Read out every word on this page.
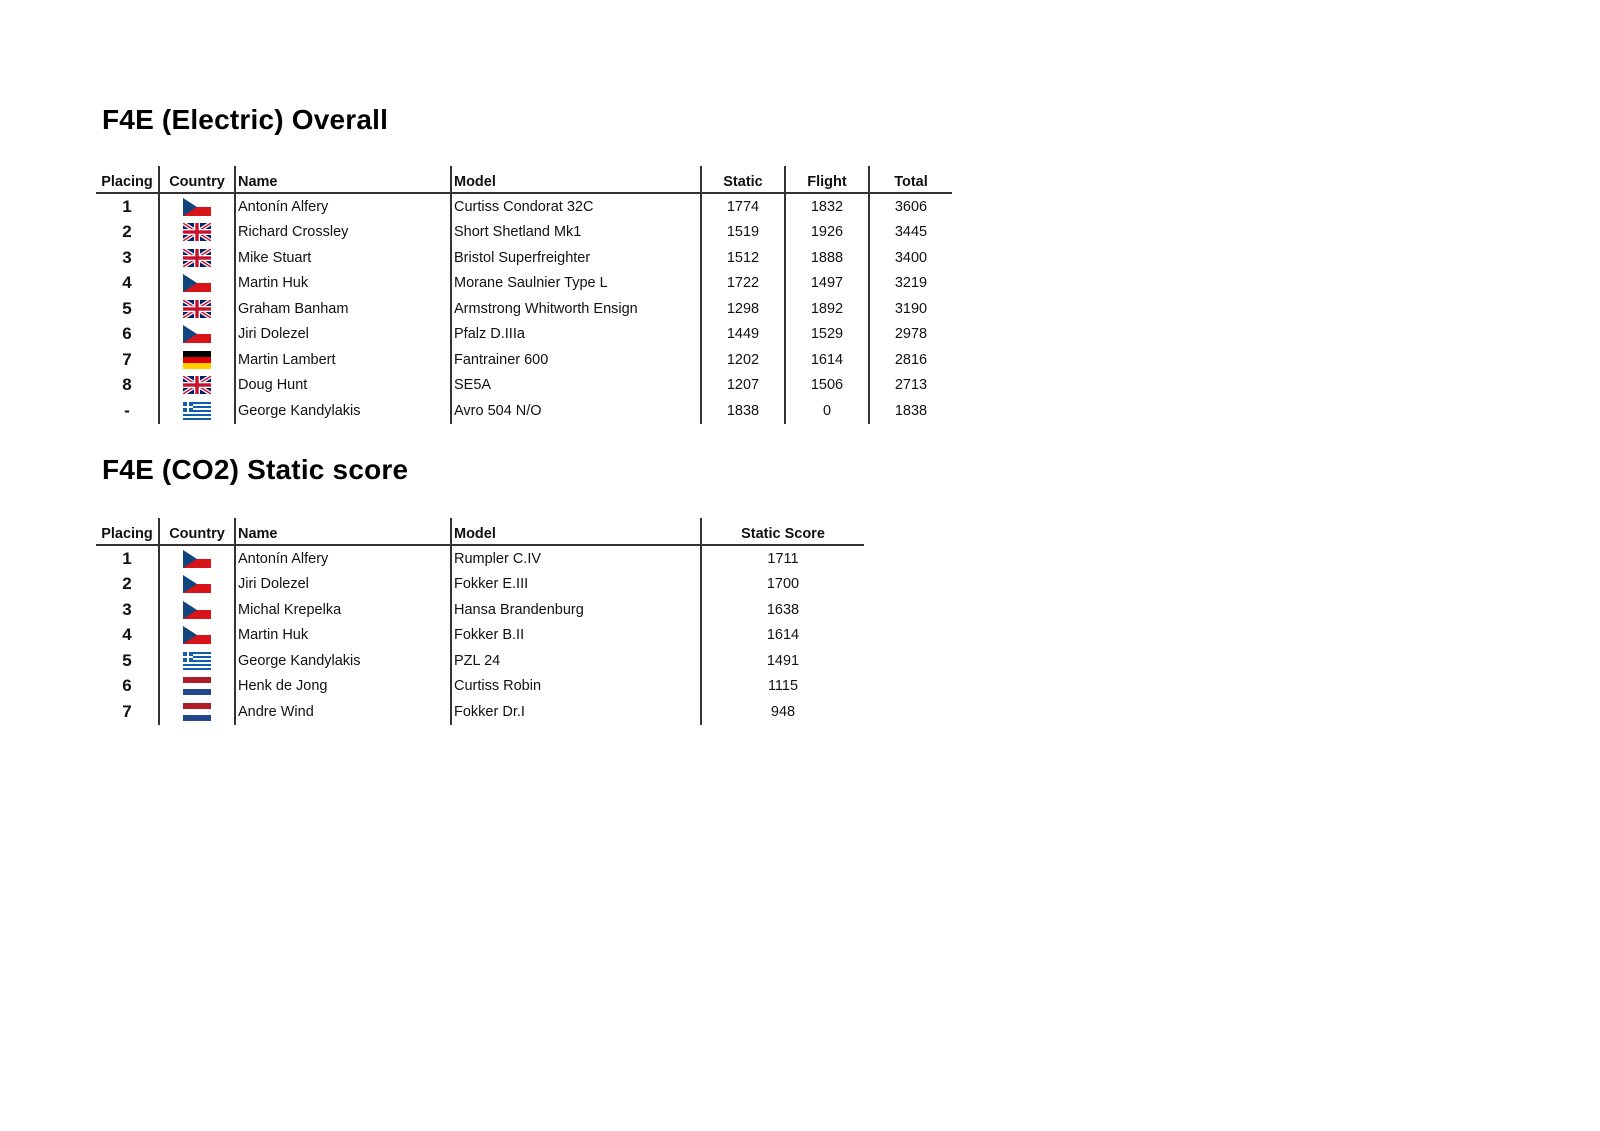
F4E (Electric) Overall
Placing	Country	Name	Model	Static	Flight	Total
1		Antonín Alfery	Curtiss Condorat 32C	1774	1832	3606
2		Richard Crossley	Short Shetland Mk1	1519	1926	3445
3		Mike Stuart	Bristol Superfreighter	1512	1888	3400
4		Martin Huk	Morane Saulnier Type L	1722	1497	3219
5		Graham Banham	Armstrong Whitworth Ensign	1298	1892	3190
6		Jiri Dolezel	Pfalz D.IIIa	1449	1529	2978
7		Martin Lambert	Fantrainer 600	1202	1614	2816
8		Doug Hunt	SE5A	1207	1506	2713
-		George Kandylakis	Avro 504 N/O	1838	0	1838
F4E (CO2) Static score
Placing	Country	Name	Model	Static Score
1		Antonín Alfery	Rumpler C.IV	1711
2		Jiri Dolezel	Fokker E.III	1700
3		Michal Krepelka	Hansa Brandenburg	1638
4		Martin Huk	Fokker B.II	1614
5		George Kandylakis	PZL 24	1491
6		Henk de Jong	Curtiss Robin	1115
7		Andre Wind	Fokker Dr.I	948
